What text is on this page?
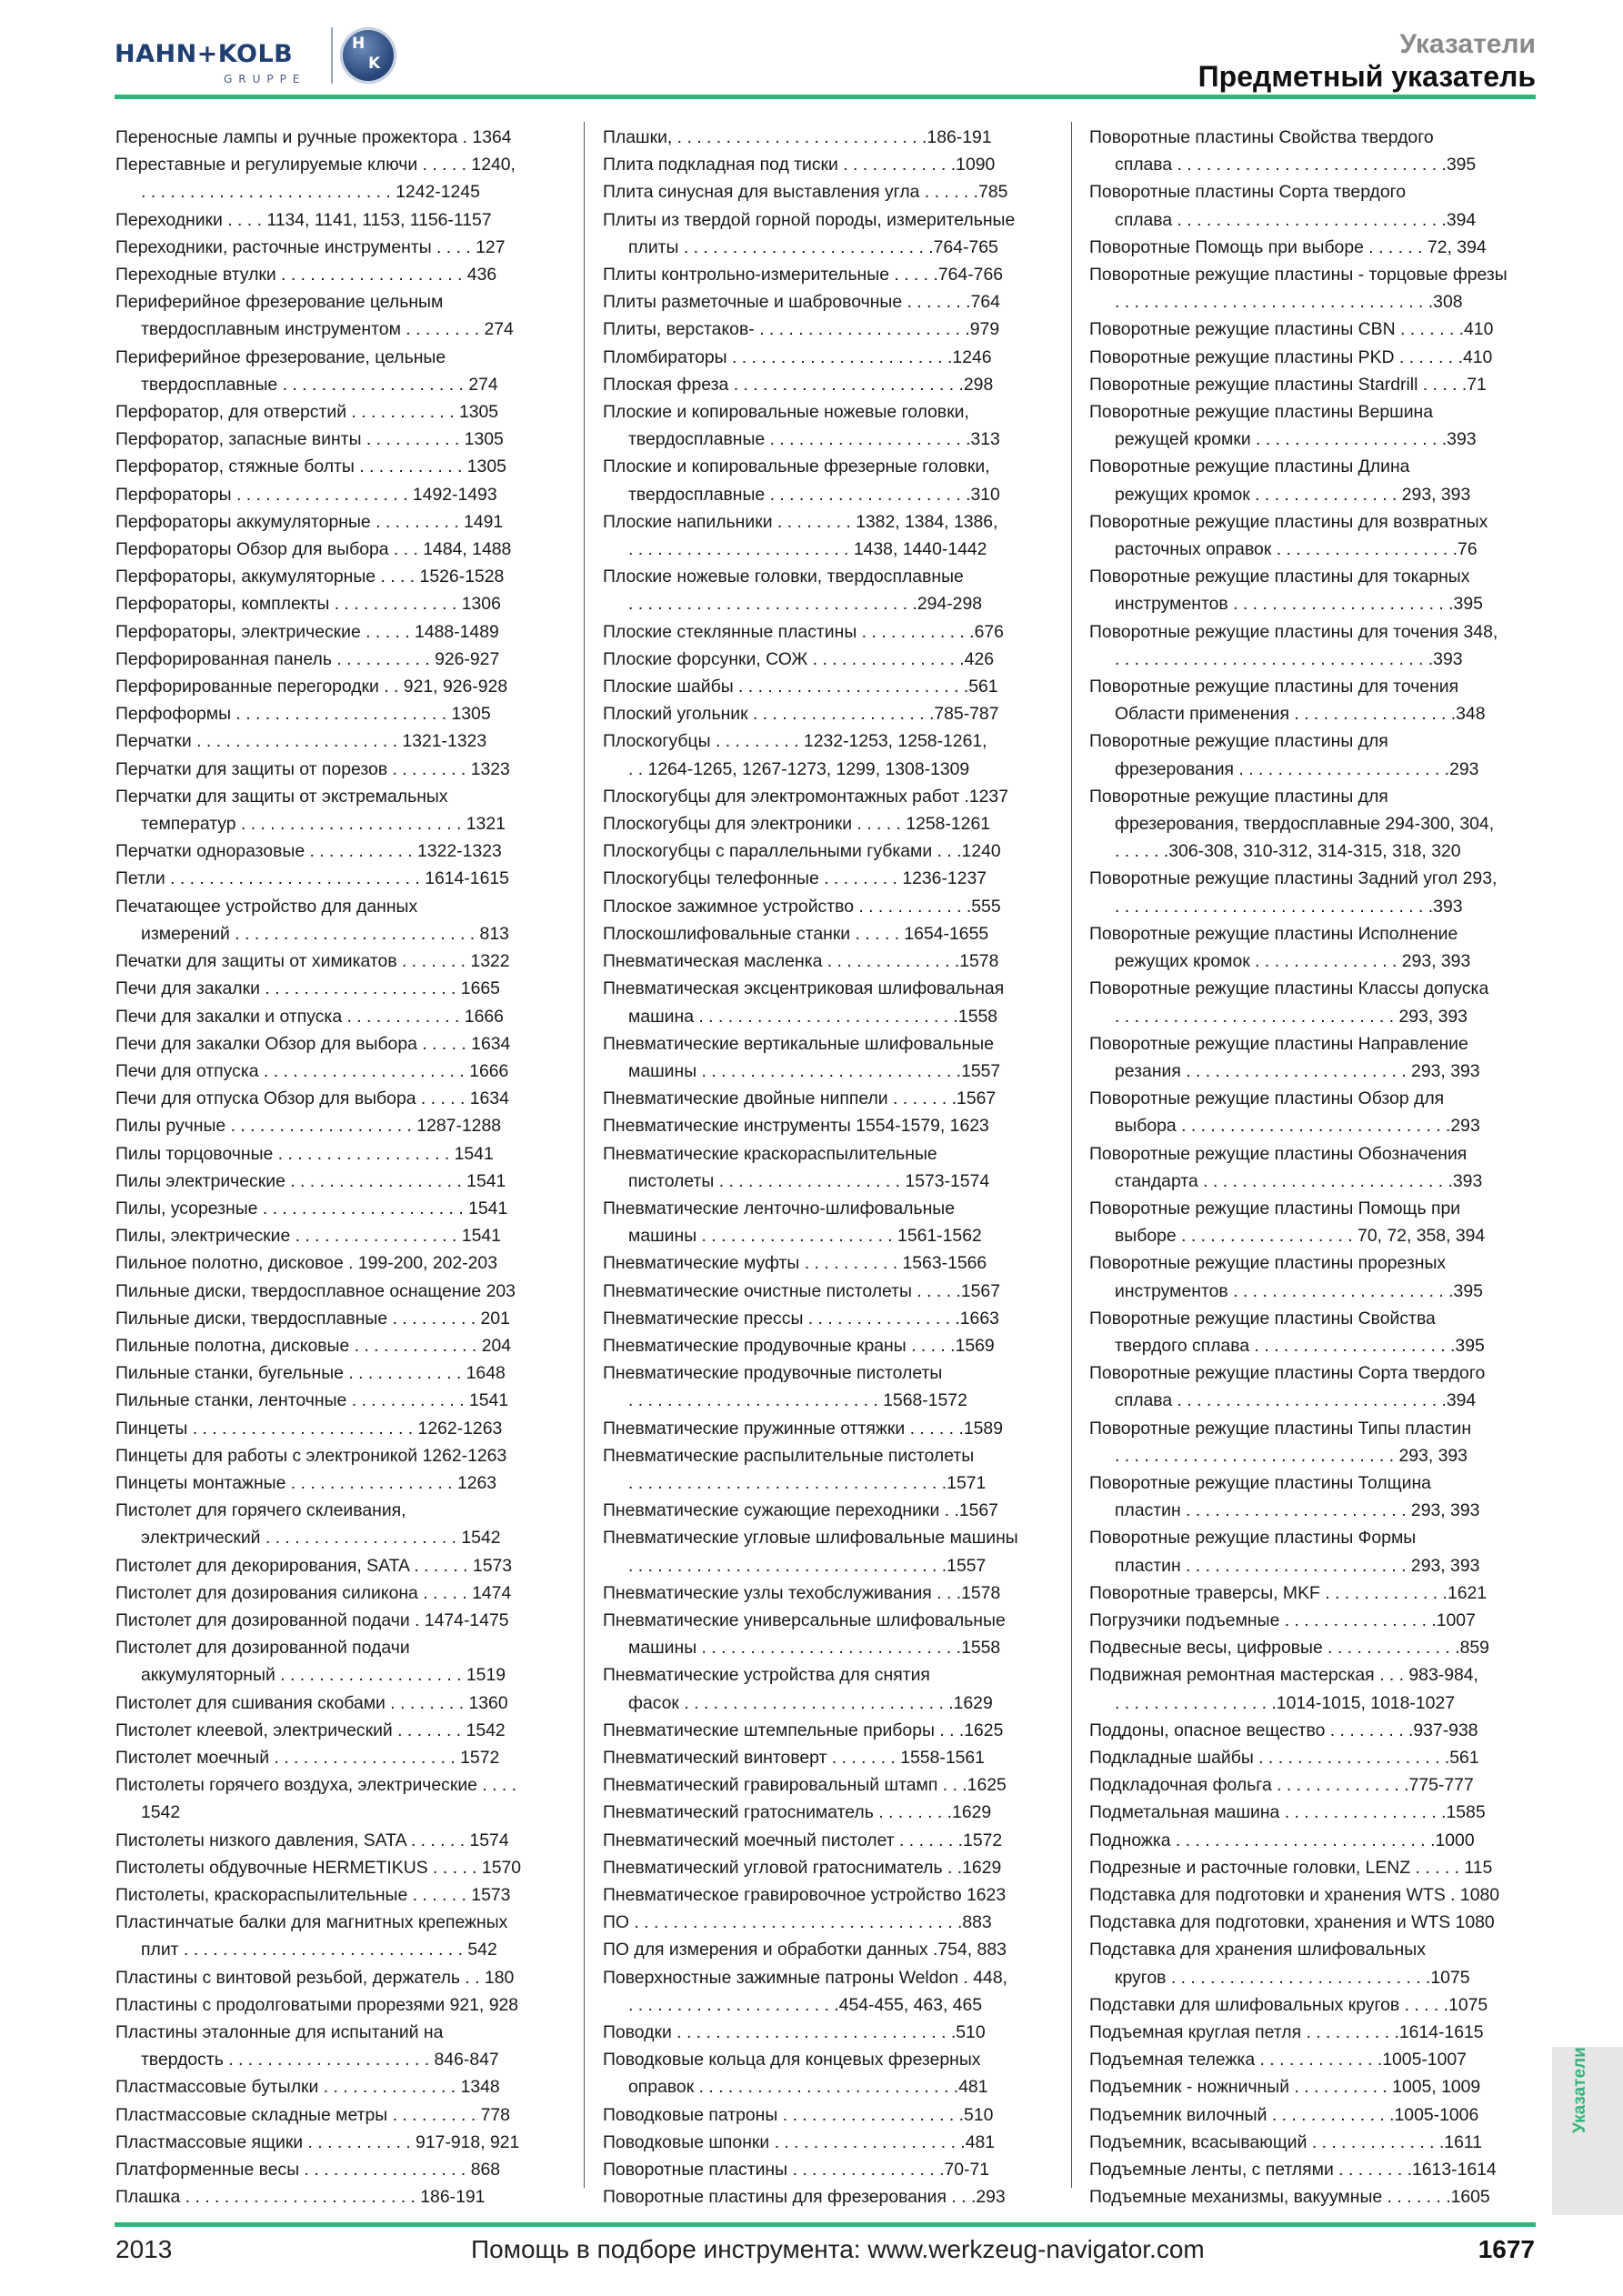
HAHN+KOLB
GRUPPE
H
K
Указатели
Предметный указатель
Переносные лампы и ручные прожектора . 1364
Переставные и регулируемые ключи . . . . . 1240,
. . . . . . . . . . . . . . . . . . . . . . . . . . 1242-1245
Переходники . . . . 1134, 1141, 1153, 1156-1157
Переходники, расточные инструменты . . . . 127
Переходные втулки . . . . . . . . . . . . . . . . . . . 436
Периферийное фрезерование цельным
твердосплавным инструментом . . . . . . . . 274
Периферийное фрезерование, цельные
твердосплавные . . . . . . . . . . . . . . . . . . . 274
Перфоратор, для отверстий . . . . . . . . . . . 1305
Перфоратор, запасные винты . . . . . . . . . . 1305
Перфоратор, стяжные болты . . . . . . . . . . . 1305
Перфораторы . . . . . . . . . . . . . . . . . . 1492-1493
Перфораторы аккумуляторные . . . . . . . . . 1491
Перфораторы Обзор для выбора . . . 1484, 1488
Перфораторы, аккумуляторные . . . . 1526-1528
Перфораторы, комплекты . . . . . . . . . . . . . 1306
Перфораторы, электрические . . . . . 1488-1489
Перфорированная панель . . . . . . . . . . 926-927
Перфорированные перегородки . . 921, 926-928
Перфоформы . . . . . . . . . . . . . . . . . . . . . . 1305
Перчатки . . . . . . . . . . . . . . . . . . . . . 1321-1323
Перчатки для защиты от порезов . . . . . . . . 1323
Перчатки для защиты от экстремальных
температур . . . . . . . . . . . . . . . . . . . . . . . 1321
Перчатки одноразовые . . . . . . . . . . . 1322-1323
Петли . . . . . . . . . . . . . . . . . . . . . . . . . . 1614-1615
Печатающее устройство для данных
измерений . . . . . . . . . . . . . . . . . . . . . . . . . 813
Печатки для защиты от химикатов . . . . . . . 1322
Печи для закалки . . . . . . . . . . . . . . . . . . . . 1665
Печи для закалки и отпуска . . . . . . . . . . . . 1666
Печи для закалки Обзор для выбора . . . . . 1634
Печи для отпуска . . . . . . . . . . . . . . . . . . . . . 1666
Печи для отпуска Обзор для выбора . . . . . 1634
Пилы ручные . . . . . . . . . . . . . . . . . . . 1287-1288
Пилы торцовочные . . . . . . . . . . . . . . . . . . 1541
Пилы электрические . . . . . . . . . . . . . . . . . . 1541
Пилы, усорезные . . . . . . . . . . . . . . . . . . . . . 1541
Пилы, электрические . . . . . . . . . . . . . . . . . 1541
Пильное полотно, дисковое . 199-200, 202-203
Пильные диски, твердосплавное оснащение 203
Пильные диски, твердосплавные . . . . . . . . . 201
Пильные полотна, дисковые . . . . . . . . . . . . . 204
Пильные станки, бугельные . . . . . . . . . . . . 1648
Пильные станки, ленточные . . . . . . . . . . . . 1541
Пинцеты . . . . . . . . . . . . . . . . . . . . . . . 1262-1263
Пинцеты для работы с электроникой 1262-1263
Пинцеты монтажные . . . . . . . . . . . . . . . . . 1263
Пистолет для горячего склеивания,
электрический . . . . . . . . . . . . . . . . . . . . 1542
Пистолет для декорирования, SATA . . . . . . 1573
Пистолет для дозирования силикона . . . . . 1474
Пистолет для дозированной подачи . 1474-1475
Пистолет для дозированной подачи
аккумуляторный . . . . . . . . . . . . . . . . . . . 1519
Пистолет для сшивания скобами . . . . . . . . 1360
Пистолет клеевой, электрический . . . . . . . 1542
Пистолет моечный . . . . . . . . . . . . . . . . . . . 1572
Пистолеты горячего воздуха, электрические . . . .
1542
Пистолеты низкого давления, SATA . . . . . . 1574
Пистолеты обдувочные HERMETIKUS . . . . . 1570
Пистолеты, краскораспылительные . . . . . . 1573
Пластинчатые балки для магнитных крепежных
плит . . . . . . . . . . . . . . . . . . . . . . . . . . . . . 542
Пластины с винтовой резьбой, держатель . . 180
Пластины с продолговатыми прорезями 921, 928
Пластины эталонные для испытаний на
твердость . . . . . . . . . . . . . . . . . . . . . 846-847
Пластмассовые бутылки . . . . . . . . . . . . . . 1348
Пластмассовые складные метры . . . . . . . . . 778
Пластмассовые ящики . . . . . . . . . . . 917-918, 921
Платформенные весы . . . . . . . . . . . . . . . . . 868
Плашка . . . . . . . . . . . . . . . . . . . . . . . . 186-191
Плашки, . . . . . . . . . . . . . . . . . . . . . . . . . .186-191
Плита подкладная под тиски . . . . . . . . . . . .1090
Плита синусная для выставления угла . . . . . .785
Плиты из твердой горной породы, измерительные
плиты . . . . . . . . . . . . . . . . . . . . . . . . . .764-765
Плиты контрольно-измерительные . . . . .764-766
Плиты разметочные и шабровочные . . . . . . .764
Плиты, верстаков- . . . . . . . . . . . . . . . . . . . . . .979
Пломбираторы . . . . . . . . . . . . . . . . . . . . . . .1246
Плоская фреза . . . . . . . . . . . . . . . . . . . . . . . .298
Плоские и копировальные ножевые головки,
твердосплавные . . . . . . . . . . . . . . . . . . . . .313
Плоские и копировальные фрезерные головки,
твердосплавные . . . . . . . . . . . . . . . . . . . . .310
Плоские напильники . . . . . . . . 1382, 1384, 1386,
. . . . . . . . . . . . . . . . . . . . . . . 1438, 1440-1442
Плоские ножевые головки, твердосплавные
. . . . . . . . . . . . . . . . . . . . . . . . . . . . . .294-298
Плоские стеклянные пластины . . . . . . . . . . . .676
Плоские форсунки, СОЖ . . . . . . . . . . . . . . . .426
Плоские шайбы . . . . . . . . . . . . . . . . . . . . . . . .561
Плоский угольник . . . . . . . . . . . . . . . . . . .785-787
Плоскогубцы . . . . . . . . . 1232-1253, 1258-1261,
. . 1264-1265, 1267-1273, 1299, 1308-1309
Плоскогубцы для электромонтажных работ .1237
Плоскогубцы для электроники . . . . . 1258-1261
Плоскогубцы с параллельными губками . . .1240
Плоскогубцы телефонные . . . . . . . . 1236-1237
Плоское зажимное устройство . . . . . . . . . . . .555
Плоскошлифовальные станки . . . . . 1654-1655
Пневматическая масленка . . . . . . . . . . . . . .1578
Пневматическая эксцентриковая шлифовальная
машина . . . . . . . . . . . . . . . . . . . . . . . . . . .1558
Пневматические вертикальные шлифовальные
машины . . . . . . . . . . . . . . . . . . . . . . . . . . .1557
Пневматические двойные ниппели . . . . . . .1567
Пневматические инструменты 1554-1579, 1623
Пневматические краскораспылительные
пистолеты . . . . . . . . . . . . . . . . . . . 1573-1574
Пневматические ленточно-шлифовальные
машины . . . . . . . . . . . . . . . . . . . . 1561-1562
Пневматические муфты . . . . . . . . . . 1563-1566
Пневматические очистные пистолеты . . . . .1567
Пневматические прессы . . . . . . . . . . . . . . . .1663
Пневматические продувочные краны . . . . .1569
Пневматические продувочные пистолеты
. . . . . . . . . . . . . . . . . . . . . . . . . . 1568-1572
Пневматические пружинные оттяжки . . . . . .1589
Пневматические распылительные пистолеты
. . . . . . . . . . . . . . . . . . . . . . . . . . . . . . . . .1571
Пневматические сужающие переходники . .1567
Пневматические угловые шлифовальные машины
. . . . . . . . . . . . . . . . . . . . . . . . . . . . . . . . .1557
Пневматические узлы техобслуживания . . .1578
Пневматические универсальные шлифовальные
машины . . . . . . . . . . . . . . . . . . . . . . . . . . .1558
Пневматические устройства для снятия
фасок . . . . . . . . . . . . . . . . . . . . . . . . . . . .1629
Пневматические штемпельные приборы . . .1625
Пневматический винтоверт . . . . . . . 1558-1561
Пневматический гравировальный штамп . . .1625
Пневматический гратосниматель . . . . . . . .1629
Пневматический моечный пистолет . . . . . . .1572
Пневматический угловой гратосниматель . .1629
Пневматическое гравировочное устройство 1623
ПО . . . . . . . . . . . . . . . . . . . . . . . . . . . . . . . . . .883
ПО для измерения и обработки данных .754, 883
Поверхностные зажимные патроны Weldon . 448,
. . . . . . . . . . . . . . . . . . . . . .454-455, 463, 465
Поводки . . . . . . . . . . . . . . . . . . . . . . . . . . . . .510
Поводковые кольца для концевых фрезерных
оправок . . . . . . . . . . . . . . . . . . . . . . . . . . .481
Поводковые патроны . . . . . . . . . . . . . . . . . . .510
Поводковые шпонки . . . . . . . . . . . . . . . . . . . .481
Поворотные пластины . . . . . . . . . . . . . . . .70-71
Поворотные пластины для фрезерования . . .293
Поворотные пластины Свойства твердого
сплава . . . . . . . . . . . . . . . . . . . . . . . . . . . .395
Поворотные пластины Сорта твердого
сплава . . . . . . . . . . . . . . . . . . . . . . . . . . . .394
Поворотные Помощь при выборе . . . . . . 72, 394
Поворотные режущие пластины - торцовые фрезы
. . . . . . . . . . . . . . . . . . . . . . . . . . . . . . . . .308
Поворотные режущие пластины CBN . . . . . . .410
Поворотные режущие пластины PKD . . . . . . .410
Поворотные режущие пластины Stardrill . . . . .71
Поворотные режущие пластины Вершина
режущей кромки . . . . . . . . . . . . . . . . . . . .393
Поворотные режущие пластины Длина
режущих кромок . . . . . . . . . . . . . . . 293, 393
Поворотные режущие пластины для возвратных
расточных оправок . . . . . . . . . . . . . . . . . . .76
Поворотные режущие пластины для токарных
инструментов . . . . . . . . . . . . . . . . . . . . . . .395
Поворотные режущие пластины для точения 348,
. . . . . . . . . . . . . . . . . . . . . . . . . . . . . . . . .393
Поворотные режущие пластины для точения
Области применения . . . . . . . . . . . . . . . . .348
Поворотные режущие пластины для
фрезерования . . . . . . . . . . . . . . . . . . . . . .293
Поворотные режущие пластины для
фрезерования, твердосплавные 294-300, 304,
. . . . . .306-308, 310-312, 314-315, 318, 320
Поворотные режущие пластины Задний угол 293,
. . . . . . . . . . . . . . . . . . . . . . . . . . . . . . . . .393
Поворотные режущие пластины Исполнение
режущих кромок . . . . . . . . . . . . . . . 293, 393
Поворотные режущие пластины Классы допуска
. . . . . . . . . . . . . . . . . . . . . . . . . . . . . 293, 393
Поворотные режущие пластины Направление
резания . . . . . . . . . . . . . . . . . . . . . . . 293, 393
Поворотные режущие пластины Обзор для
выбора . . . . . . . . . . . . . . . . . . . . . . . . . . . .293
Поворотные режущие пластины Обозначения
стандарта . . . . . . . . . . . . . . . . . . . . . . . . . .393
Поворотные режущие пластины Помощь при
выборе . . . . . . . . . . . . . . . . . . 70, 72, 358, 394
Поворотные режущие пластины прорезных
инструментов . . . . . . . . . . . . . . . . . . . . . . .395
Поворотные режущие пластины Свойства
твердого сплава . . . . . . . . . . . . . . . . . . . . .395
Поворотные режущие пластины Сорта твердого
сплава . . . . . . . . . . . . . . . . . . . . . . . . . . . .394
Поворотные режущие пластины Типы пластин
. . . . . . . . . . . . . . . . . . . . . . . . . . . . . 293, 393
Поворотные режущие пластины Толщина
пластин . . . . . . . . . . . . . . . . . . . . . . . 293, 393
Поворотные режущие пластины Формы
пластин . . . . . . . . . . . . . . . . . . . . . . . 293, 393
Поворотные траверсы, MKF . . . . . . . . . . . . .1621
Погрузчики подъемные . . . . . . . . . . . . . . . .1007
Подвесные весы, цифровые . . . . . . . . . . . . . .859
Подвижная ремонтная мастерская . . . 983-984,
. . . . . . . . . . . . . . . . .1014-1015, 1018-1027
Поддоны, опасное вещество . . . . . . . . .937-938
Подкладные шайбы . . . . . . . . . . . . . . . . . . . .561
Подкладочная фольга . . . . . . . . . . . . . .775-777
Подметальная машина . . . . . . . . . . . . . . . . .1585
Подножка . . . . . . . . . . . . . . . . . . . . . . . . . . .1000
Подрезные и расточные головки, LENZ . . . . . 115
Подставка для подготовки и хранения WTS . 1080
Подставка для подготовки, хранения и WTS 1080
Подставка для хранения шлифовальных
кругов . . . . . . . . . . . . . . . . . . . . . . . . . . .1075
Подставки для шлифовальных кругов . . . . .1075
Подъемная круглая петля . . . . . . . . . .1614-1615
Подъемная тележка . . . . . . . . . . . . .1005-1007
Подъемник - ножничный . . . . . . . . . . 1005, 1009
Подъемник вилочный . . . . . . . . . . . . .1005-1006
Подъемник, всасывающий . . . . . . . . . . . . . .1611
Подъемные ленты, с петлями . . . . . . . .1613-1614
Подъемные механизмы, вакуумные . . . . . . .1605
Указатели
2013	Помощь в подборе инструмента: www.werkzeug-navigator.com	1677
